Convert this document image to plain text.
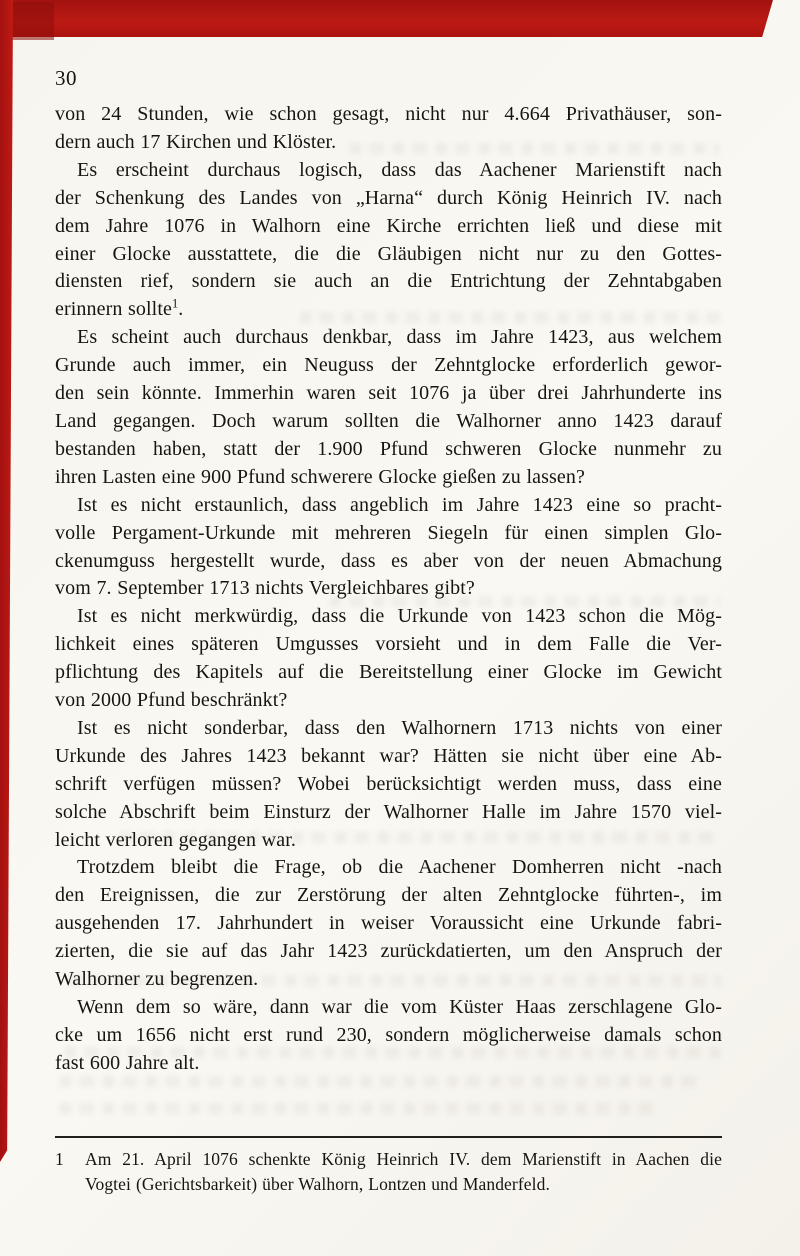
30
von 24 Stunden, wie schon gesagt, nicht nur 4.664 Privathäuser, son-
dern auch 17 Kirchen und Klöster.
Es erscheint durchaus logisch, dass das Aachener Marienstift nach
der Schenkung des Landes von „Harna“ durch König Heinrich IV. nach
dem Jahre 1076 in Walhorn eine Kirche errichten ließ und diese mit
einer Glocke ausstattete, die die Gläubigen nicht nur zu den Gottes-
diensten rief, sondern sie auch an die Entrichtung der Zehntabgaben
erinnern sollte$^1$.
Es scheint auch durchaus denkbar, dass im Jahre 1423, aus welchem
Grunde auch immer, ein Neuguss der Zehntglocke erforderlich gewor-
den sein könnte. Immerhin waren seit 1076 ja über drei Jahrhunderte ins
Land gegangen. Doch warum sollten die Walhorner anno 1423 darauf
bestanden haben, statt der 1.900 Pfund schweren Glocke nunmehr zu
ihren Lasten eine 900 Pfund schwerere Glocke gießen zu lassen?
Ist es nicht erstaunlich, dass angeblich im Jahre 1423 eine so pracht-
volle Pergament-Urkunde mit mehreren Siegeln für einen simplen Glo-
ckenumguss hergestellt wurde, dass es aber von der neuen Abmachung
vom 7. September 1713 nichts Vergleichbares gibt?
Ist es nicht merkwürdig, dass die Urkunde von 1423 schon die Mög-
lichkeit eines späteren Umgusses vorsieht und in dem Falle die Ver-
pflichtung des Kapitels auf die Bereitstellung einer Glocke im Gewicht
von 2000 Pfund beschränkt?
Ist es nicht sonderbar, dass den Walhornern 1713 nichts von einer
Urkunde des Jahres 1423 bekannt war? Hätten sie nicht über eine Ab-
schrift verfügen müssen? Wobei berücksichtigt werden muss, dass eine
solche Abschrift beim Einsturz der Walhorner Halle im Jahre 1570 viel-
leicht verloren gegangen war.
Trotzdem bleibt die Frage, ob die Aachener Domherren nicht -nach
den Ereignissen, die zur Zerstörung der alten Zehntglocke führten-, im
ausgehenden 17. Jahrhundert in weiser Voraussicht eine Urkunde fabri-
zierten, die sie auf das Jahr 1423 zurückdatierten, um den Anspruch der
Walhorner zu begrenzen.
Wenn dem so wäre, dann war die vom Küster Haas zerschlagene Glo-
cke um 1656 nicht erst rund 230, sondern möglicherweise damals schon
fast 600 Jahre alt.
1 Am 21. April 1076 schenkte König Heinrich IV. dem Marienstift in Aachen die
Vogtei (Gerichtsbarkeit) über Walhorn, Lontzen und Manderfeld.
